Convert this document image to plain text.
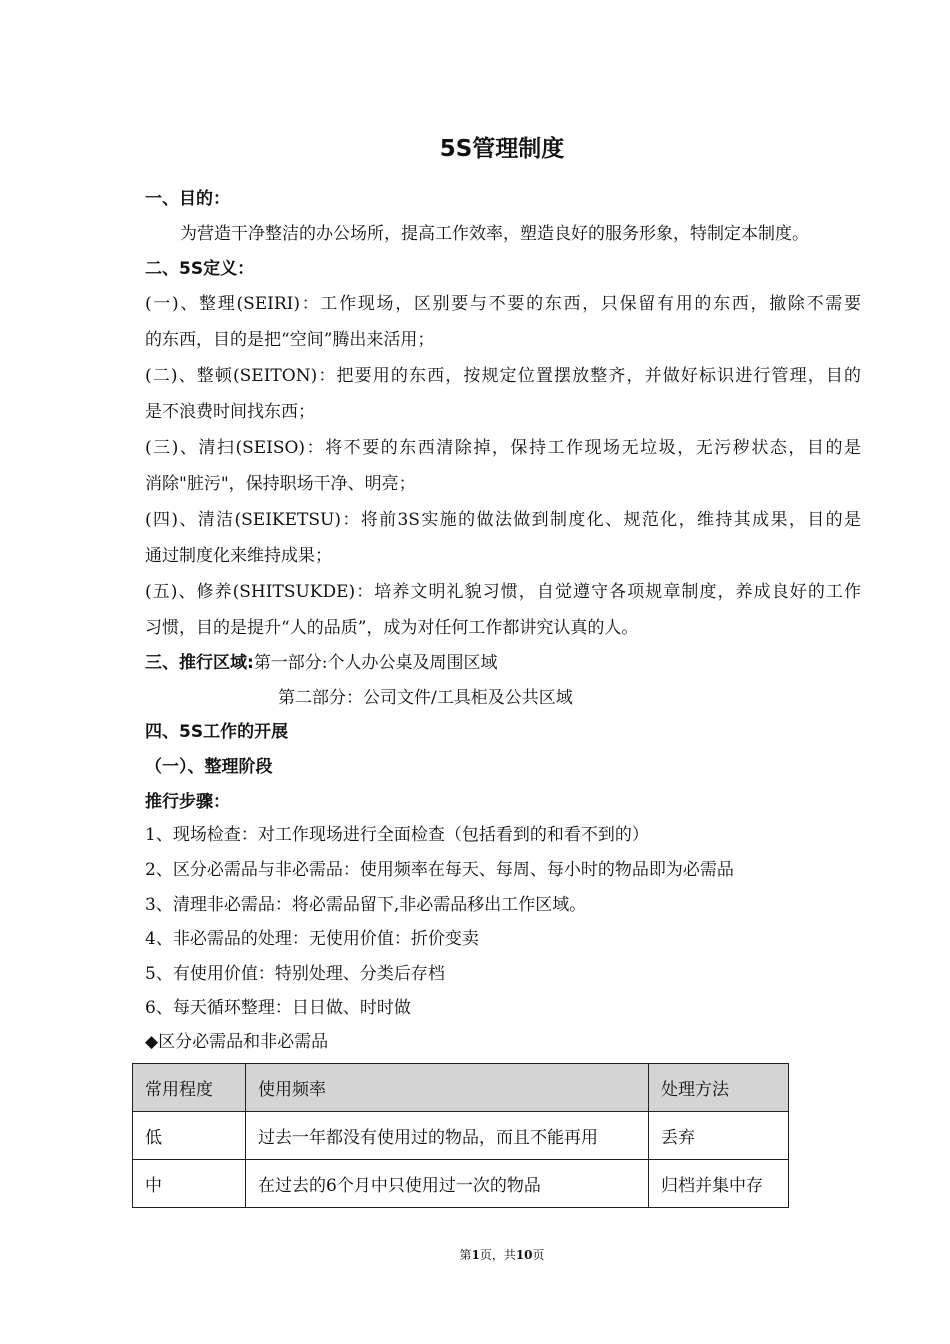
5S管理制度
一、目的：
为营造干净整洁的办公场所，提高工作效率，塑造良好的服务形象，特制定本制度。
二、5S定义：
(一)、整理(SEIRI)：工作现场，区别要与不要的东西，只保留有用的东西，撤除不需要
的东西，目的是把“空间”腾出来活用；
(二)、整顿(SEITON)：把要用的东西，按规定位置摆放整齐，并做好标识进行管理，目的
是不浪费时间找东西；
(三)、清扫(SEISO)：将不要的东西清除掉，保持工作现场无垃圾，无污秽状态，目的是
消除"脏污"，保持职场干净、明亮；
(四)、清洁(SEIKETSU)：将前3S实施的做法做到制度化、规范化，维持其成果，目的是
通过制度化来维持成果；
(五)、修养(SHITSUKDE)：培养文明礼貌习惯，自觉遵守各项规章制度，养成良好的工作
习惯，目的是提升“人的品质”，成为对任何工作都讲究认真的人。
三、推行区域:第一部分:个人办公桌及周围区域
第二部分：公司文件/工具柜及公共区域
四、5S工作的开展
（一）、整理阶段
推行步骤：
1、现场检查：对工作现场进行全面检查（包括看到的和看不到的）
2、区分必需品与非必需品：使用频率在每天、每周、每小时的物品即为必需品
3、清理非必需品：将必需品留下,非必需品移出工作区域。
4、非必需品的处理：无使用价值：折价变卖
5、有使用价值：特别处理、分类后存档
6、每天循环整理：日日做、时时做
◆区分必需品和非必需品
常用程度	使用频率	处理方法
低	过去一年都没有使用过的物品，而且不能再用	丢弃
中	在过去的6个月中只使用过一次的物品	归档并集中存
第1页，共10页
